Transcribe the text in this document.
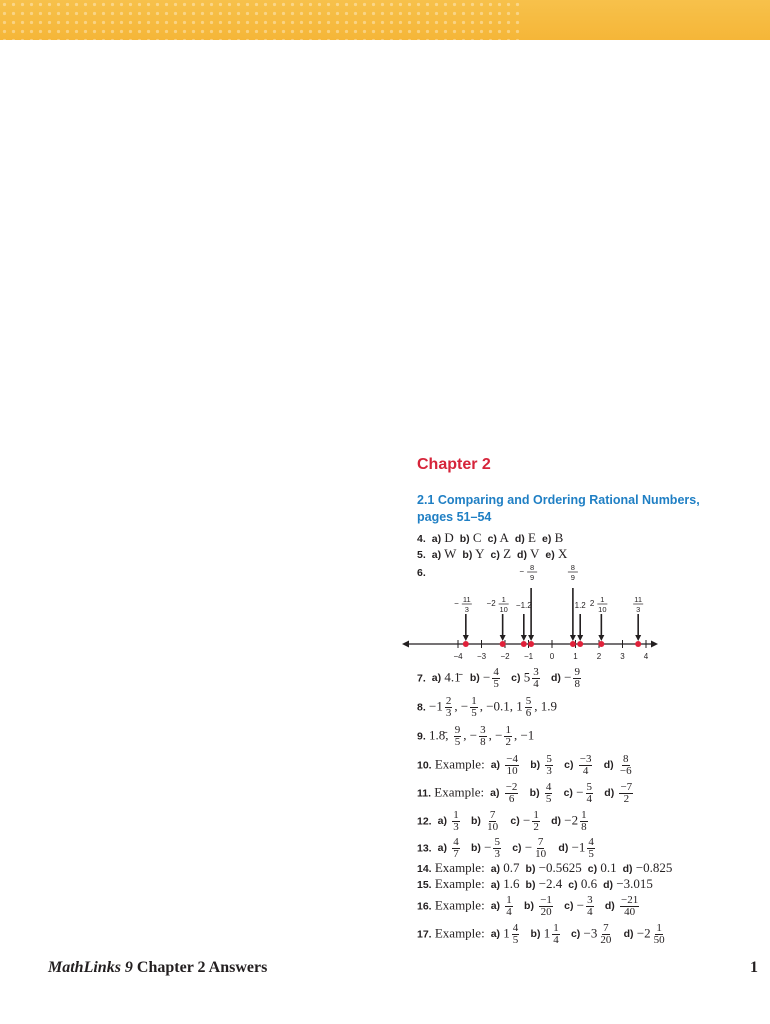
Chapter 2
2.1 Comparing and Ordering Rational Numbers, pages 51–54
4. a) D b) C c) A d) E e) B
5. a) W b) Y c) Z d) V e) X
6.
−4 −3 −2 −1 0 1 2 3 4
− 11
3
−2 1
10 −1.2
− 8
9
8
9
1.2 2 1
10
11
3
7. a) 4.1̄ $b) - \frac{4}{5} c$) $5 \frac{3}{4} d) - \frac{9}{8}$
8. $-1 \frac{2}{3}$ , − $\frac{1}{5}$ , −0.1, $1 \frac{5}{6}$ , 1.9
9. 1.8̄, $\frac{9}{5}$ , − $\frac{3}{8}$ , − $\frac{1}{2}$ , −1
10. Example: $a) \frac{-4}{10} b) \frac{5}{3} c) \frac{-3}{4} d) \frac{8}{-6}$
11. Example: $a) \frac{-2}{6} b) \frac{4}{5} c) - \frac{5}{4} d) \frac{-7}{2}$
12. $a) \frac{1}{3} b) \frac{7}{10} c) - \frac{1}{2} d) -2 \frac{1}{8}$
13. $a) \frac{4}{7} b) - \frac{5}{3} c) - \frac{7}{10} d) -1 \frac{4}{5}$
14. Example: a) 0.7 b) −0.5625 c) 0.1 d) −0.825
15. Example: a) 1.6 b) −2.4 c) 0.6 d) −3.015
16. Example: $a) \frac{1}{4} b) \frac{-1}{20} c) - \frac{3}{4} d) \frac{-21}{40}$
17. Example: a) $1 \frac{4}{5} b$) $1 \frac{1}{4} c) -3 \frac{7}{20} d) -2 \frac{1}{50}$
MathLinks 9 Chapter 2 Answers	1
